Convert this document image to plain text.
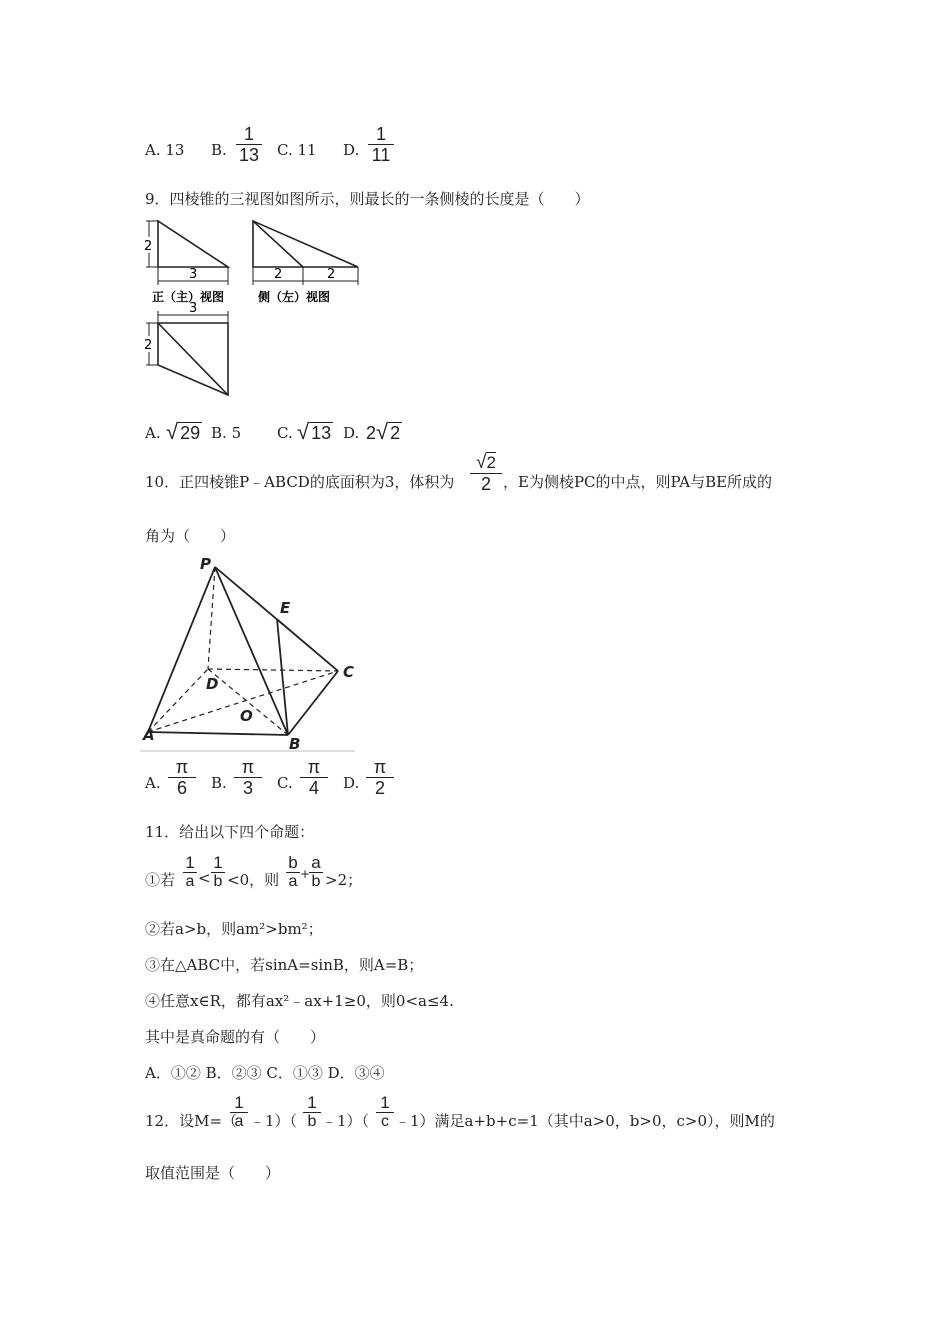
A. 13 B. $\frac{1}{13} C$. 11 D. $\frac{1}{11}$
9．四棱锥的三视图如图所示，则最长的一条侧棱的长度是（　　）
2
3
正（主）视图
2	2
侧（左）视图
3
2
A. √ 29 B. 5 C. √ 13 D. 2√ 2
10．正四棱锥P﹣ABCD的底面积为3，体积为 $\frac{√2}{2}$ ，E为侧棱PC的中点，则PA与BE所成的
角为（　　）
P
E
C
D
O
A	B
A. $\frac{\pi}{6} B$. $\frac{\pi}{3} C$. $\frac{\pi}{4} D$. $\frac{\pi}{2}$
11．给出以下四个命题：
①若 $\frac{1}{a} < \frac{1}{b} <0$，则 $\frac{b}{a}$ +
$\frac{a}{b} >2$；
②若a>b，则am²>bm²；
③在△ABC中，若sinA=sinB，则A=B；
④任意x∈R，都有ax²﹣ax+1≥0，则0<a≤4.
其中是真命题的有（　　）
A．①② B．②③ C．①③ D．③④
12．设M=（
$\frac{1}{a}$ ﹣1）（ $\frac{1}{b}$ ﹣1）（ $\frac{1}{c}$ ﹣1）满足a+b+c=1（其中a>0，b>0，c>0），则M的
取值范围是（　　）
